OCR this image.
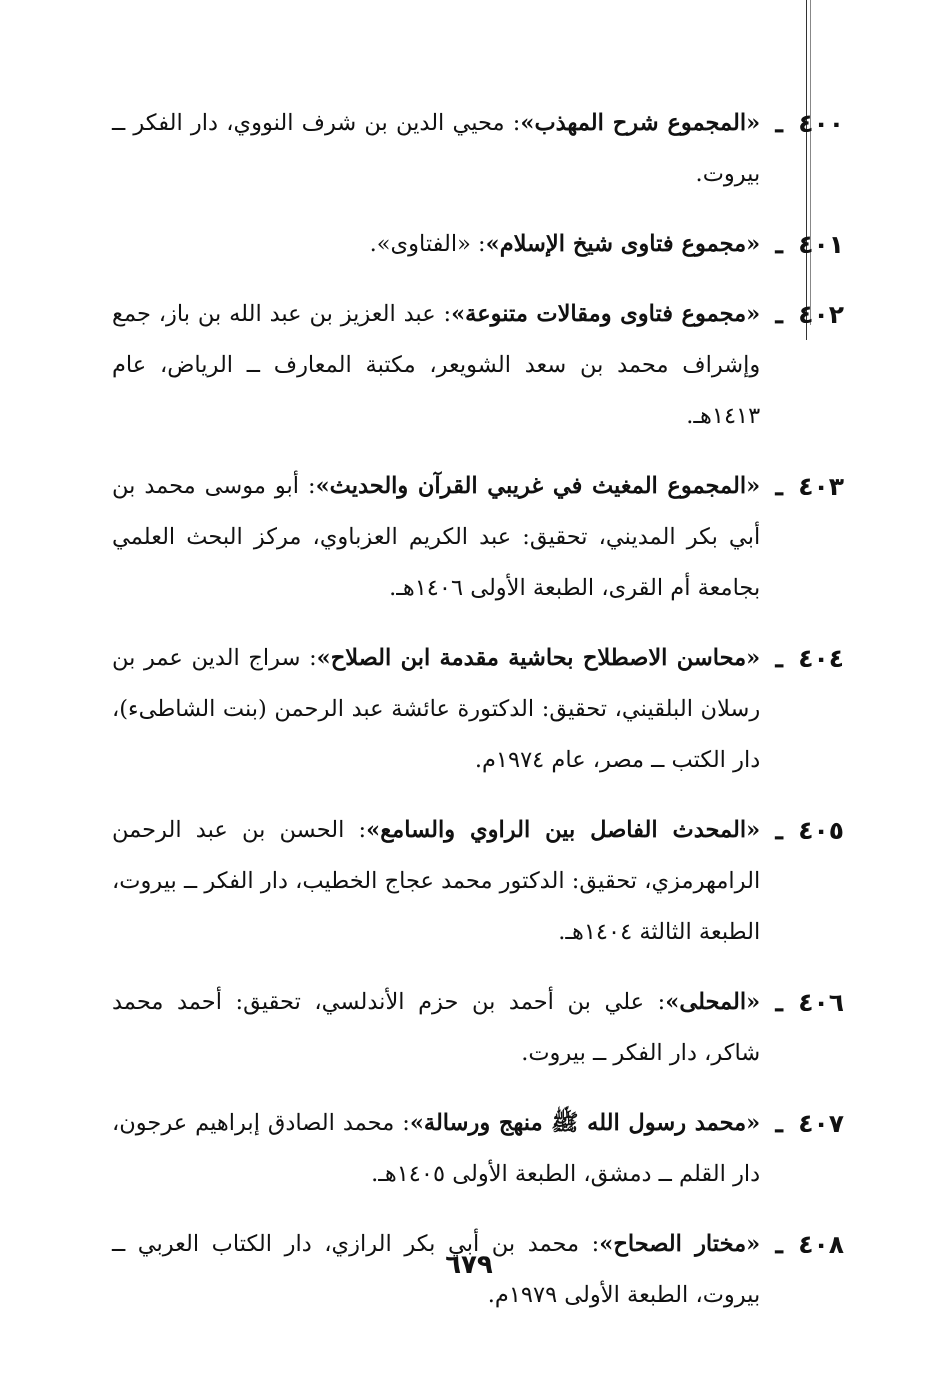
٤٠٠
ـ
«المجموع شرح المهذب»: محيي الدين بن شرف النووي، دار الفكر ــ بيروت.
٤٠١
ـ
«مجموع فتاوى شيخ الإسلام»: «الفتاوى».
٤٠٢
ـ
«مجموع فتاوى ومقالات متنوعة»: عبد العزيز بن عبد الله بن باز، جمع وإشراف محمد بن سعد الشويعر، مكتبة المعارف ــ الرياض، عام ١٤١٣هـ.
٤٠٣
ـ
«المجموع المغيث في غريبي القرآن والحديث»: أبو موسى محمد بن أبي بكر المديني، تحقيق: عبد الكريم العزباوي، مركز البحث العلمي بجامعة أم القرى، الطبعة الأولى ١٤٠٦هـ.
٤٠٤
ـ
«محاسن الاصطلاح بحاشية مقدمة ابن الصلاح»: سراج الدين عمر بن رسلان البلقيني، تحقيق: الدكتورة عائشة عبد الرحمن (بنت الشاطىء)، دار الكتب ــ مصر، عام ١٩٧٤م.
٤٠٥
ـ
«المحدث الفاصل بين الراوي والسامع»: الحسن بن عبد الرحمن الرامهرمزي، تحقيق: الدكتور محمد عجاج الخطيب، دار الفكر ــ بيروت، الطبعة الثالثة ١٤٠٤هـ.
٤٠٦
ـ
«المحلى»: علي بن أحمد بن حزم الأندلسي، تحقيق: أحمد محمد شاكر، دار الفكر ــ بيروت.
٤٠٧
ـ
«محمد رسول الله ﷺ منهج ورسالة»: محمد الصادق إبراهيم عرجون، دار القلم ــ دمشق، الطبعة الأولى ١٤٠٥هـ.
٤٠٨
ـ
«مختار الصحاح»: محمد بن أبي بكر الرازي، دار الكتاب العربي ــ بيروت، الطبعة الأولى ١٩٧٩م.
٦٧٩
